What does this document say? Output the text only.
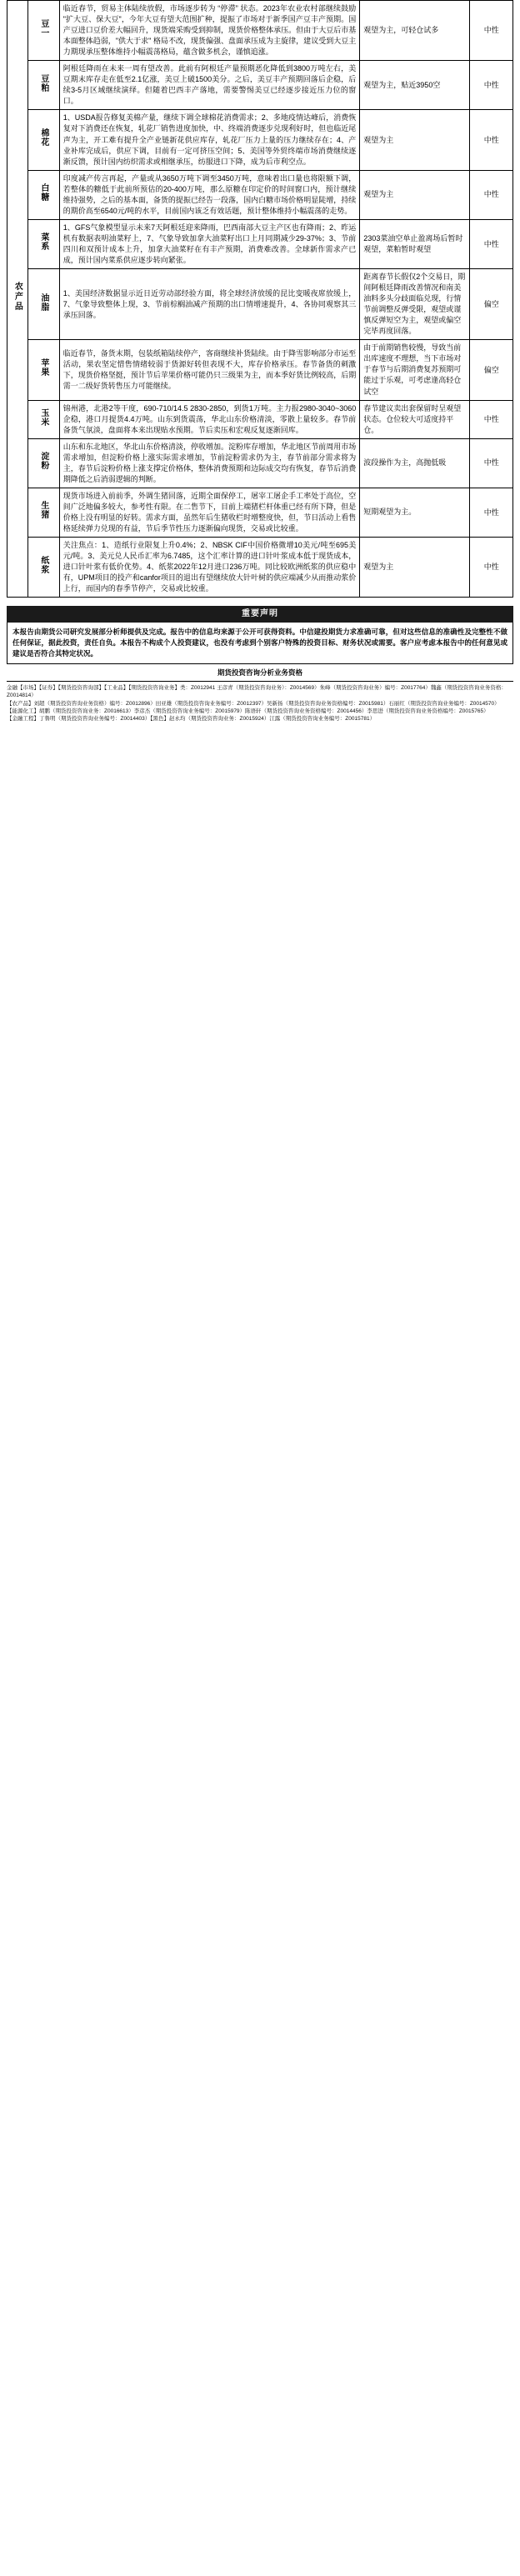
农产品	豆一	临近春节，贸易主体陆续放假，市场逐步转为 “停滞” 状态。2023年农业农村部继续鼓励 "扩大豆、保大豆"，今年大豆有望大范围扩种，提振了市场对于新季国产豆丰产预期。国产豆进口豆价差大幅回升，现货端采购受到抑制，现货价格整体承压。但由于大豆后市基本面整体趋弱，"供大于求" 格局不改，现货偏强、盘面承压成为主旋律，建议受到大豆主力期现承压整体维持小幅震荡格局，蕴含做多机会，谨慎追涨。	观望为主，可轻仓试多	中性
	豆粕	阿根廷降雨在未来一周有望改善。此前有阿根廷产量预期恶化降低到3800万吨左右，美豆期末库存走在低至2.1亿涨，美豆上破1500美分。之后，美豆丰产预期回落后企稳，后续3-5月区域继续演绎。但随着巴西丰产落地，需要警惕美豆已经逐步接近压力位的窗口。	观望为主，贴近3950空	中性
	棉花	1、USDA报告修复美棉产量，继续下调全球棉花消费需求；2、多地疫情达峰后，消费恢复对下消费还在恢复，轧花厂销售进度加快，中、终端消费逐步兑现利好时，但也临近尾声为主，开工难有提升全产业链新花供应库存，轧花厂压力上量的压力继续存在；4、产业补库完成后，供应下调，目前有一定可挤压空间；5、美国等外贸终端市场消费继续逐渐反馈，预计国内纺织需求或相继承压，纺服进口下降，成为后市利空点。	观望为主	中性
	白糖	印度减产传言再起，产量或从3650万吨下调至3450万吨，意味着出口量也将限额下调，若整体的糖低于此前所预估的20-400万吨，那么原糖在印定价的时间窗口内，预计继续维持强势，之后的基本面，备货的提振已经告一段落，国内白糖市场价格明显陡增，持续的期价高至6540元/吨的水平，目前国内该乏有效话题，预计整体维持小幅震荡的走势。	观望为主	中性
	菜系	1、GFS气象模型显示未来7天阿根廷迎来降雨，巴西南部大豆主产区也有降雨；2、昨运机有数据表明油菜籽上，7、气象导致加拿大油菜籽出口上月同期减少29-37%；3、节前四川和双预计成本上升，加拿大油菜籽在有丰产预期，消费难改善。全球新作需求产已成，预计国内菜系供应逐步转向紧张。	2303菜油空单止盈离场后暂时观望，菜粕暂时观望	中性
	油脂	1、美国经济数据显示近日近劳动部经验方面，将全球经济放缓的昆比变暖夜席放缓上，7、气象导致整体上现，3、节前棕榈油减产预期的出口情增速提升，4、各协同观察其三承压回落。	距离春节长假仅2个交易日，期间阿根廷降雨改善情况和南美油料多头分歧面临兑现，行情节前调整反弹受限，观望或谨慎反弹短空为主，观望或偏空完毕再度回落。	偏空
	苹果	临近春节，备货末期，包装纸箱陆续停产，客商继续补货陆续。由于降雪影响部分市运至活动，果农坚定惜售情绪较弱于货源好转但表现不大，库存价格承压。春节备货的刺激下，现货价格坚挺，预计节后苹果价格可能仍只三级果为主，而本季好货比例较高，后期需一二级好货转售压力可能继续。	由于前期销售较慢，导致当前出库速度不理想，当下市场对于春节与后期消费复苏预期可能过于乐观，可考虑逢高轻仓试空	偏空
	玉米	锦州港，北港2等干度，690-710/14.5 2830-2850，到货1万吨。主力报2980-3040~3060企稳，港口月提货4.4万吨。山东到货震荡，华北山东价格清淡，零散上量较多。春节前备货气氛淡，盘面将本来出现贴水预期。节后卖压和宏观反复逐渐回库。	春节建议卖出套保留时呈观望状态。仓位较大可适度持平仓。	中性
	淀粉	山东和东北地区，华北山东价格清淡，停收增加。淀粉库存增加，华北地区节前周用市场需求增加，但淀粉价格上涨实际需求增加，节前淀粉需求仍为主，春节前部分需求将为主，春节后淀粉价格上涨支撑定价格体，整体消费预期和边际成交均有恢复，春节后消费期降低之后消弱逻辑的判断。	波段操作为主，高抛低吸	中性
	生猪	现货市场进入前前季，外调生猪回落，近期全面保停工，屠宰工屠企手工率处于高位，空间广泛地偏多较大，参考性有限。在二售节下，目前上端猪栏杆体重已经有所下降，但是价格上没有明显的好转。需求方面，虽然年后生猪收栏时增整度快，但，节日活动上看售格延续弹力兑现的有益，节后季节性压力逐渐偏向现货，交易或比较重。	短期观望为主。	中性
	纸浆	关注焦点：1、造纸行业限复上升0.4%；2、NBSK CIF中国价格微增10美元/吨至695美元/吨。3、美元兑人民币汇率为6.7485，这个汇率计算的进口针叶浆成本低于现货成本，进口针叶浆有低价优势。4、纸浆2022年12月进口236万吨。同比较欧洲纸浆的供应稳中有，UPM项目的投产和canfor项目的退出有望继续放大针叶树的供应端减少从而推动浆价上行，而国内的春季节停产，交易或比较重。	观望为主	中性
重要声明

本报告由期货公司研究发展部分析师提供及完成。报告中的信息均来源于公开可获得资料。中信建投期货力求准确可靠，但对这些信息的准确性及完整性不做任何保证，据此投资，责任自负。本报告不构成个人投资建议，也没有考虑到个别客户特殊的投资目标、财务状况或需要。客户应考虑本报告中的任何意见或建议是否符合其特定状况。

期货投资咨询分析业务资格
金融【市场】【证券】【期货投资咨询部】【工业品】【期货投资咨询业务】类：Z0012941 王彦青（期货投资咨询业务）：Z0014569）朱峰（期货投资咨询业务）编号：Z0017764）魏鑫（期货投资咨询业务资格：Z0014814）
【农产品】刘超（期货投资咨询业务资格）编号：Z0012896）田亚雄（期货投资咨询业务编号：Z0012397）吴新扬（期货投资咨询业务资格编号：Z0015981）石丽红（期货投资咨询业务编号：Z0014570）
【能源化工】胡鹏（期货投资咨询业务：Z0016613）李彦杰（期货投资咨询业务编号：Z0015979）陈语轩（期货投资咨询业务资格编号：Z0014456）李思进（期货投资咨询业务资格编号：Z0015765）
【金融工程】丁鲁明（期货投资咨询业务编号：Z0014403）【黑色】赵永均（期货投资咨询业务：Z0015924）江露（期货投资咨询业务编号：Z0015781）
